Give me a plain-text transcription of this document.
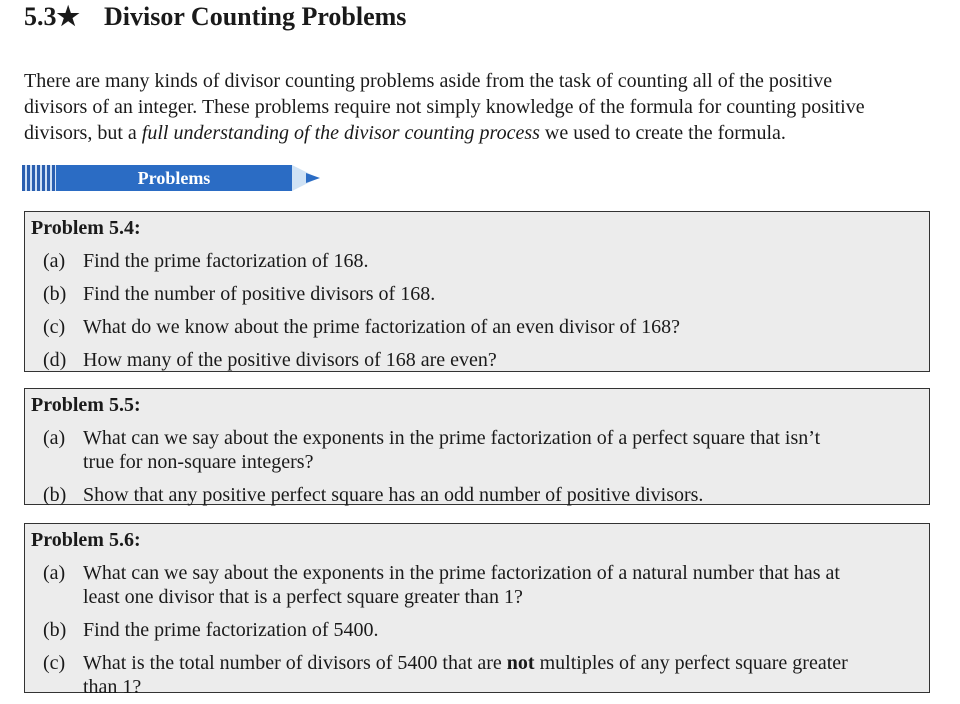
5.3★ Divisor Counting Problems
There are many kinds of divisor counting problems aside from the task of counting all of the positive
divisors of an integer. These problems require not simply knowledge of the formula for counting positive
divisors, but a full understanding of the divisor counting process we used to create the formula.
Problems
Problem 5.4:
(a) Find the prime factorization of 168.
(b) Find the number of positive divisors of 168.
(c) What do we know about the prime factorization of an even divisor of 168?
(d) How many of the positive divisors of 168 are even?
Problem 5.5:
(a) What can we say about the exponents in the prime factorization of a perfect square that isn’t
true for non-square integers?
(b) Show that any positive perfect square has an odd number of positive divisors.
Problem 5.6:
(a) What can we say about the exponents in the prime factorization of a natural number that has at
least one divisor that is a perfect square greater than 1?
(b) Find the prime factorization of 5400.
(c) What is the total number of divisors of 5400 that are not multiples of any perfect square greater
than 1?
